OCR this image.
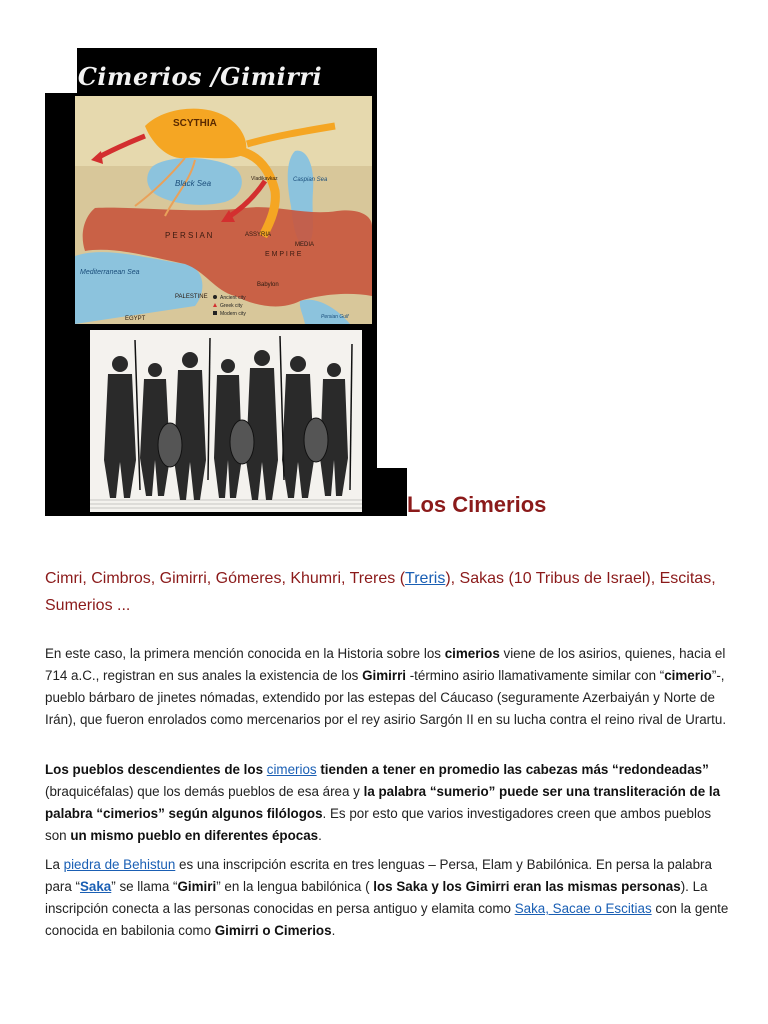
Cimerios /Gimirri
SCYTHIA
Black Sea	Caspian Sea
P E R S I A N
E M P I R E
Mediterranean Sea
MEDIA
ASSYRIA
Babylon
PALESTINE
EGYPT	Persian Gulf
Vladikavkaz
Ancient city
Greek city
Modern city
Los Cimerios
Cimri, Cimbros, Gimirri, Gómeres, Khumri, Treres (Treris), Sakas (10 Tribus de Israel), Escitas, Sumerios ...
En este caso, la primera mención conocida en la Historia sobre los cimerios viene de los asirios, quienes, hacia el 714 a.C., registran en sus anales la existencia de los Gimirri -término asirio llamativamente similar con “cimerio”-, pueblo bárbaro de jinetes nómadas, extendido por las estepas del Cáucaso (seguramente Azerbaiyán y Norte de Irán), que fueron enrolados como mercenarios por el rey asirio Sargón II en su lucha contra el reino rival de Urartu.
Los pueblos descendientes de los cimerios tienden a tener en promedio las cabezas más “redondeadas” (braquicéfalas) que los demás pueblos de esa área y la palabra “sumerio” puede ser una transliteración de la palabra “cimerios” según algunos filólogos. Es por esto que varios investigadores creen que ambos pueblos son un mismo pueblo en diferentes épocas.
La piedra de Behistun es una inscripción escrita en tres lenguas – Persa, Elam y Babilónica. En persa la palabra para “Saka” se llama “Gimiri” en la lengua babilónica ( los Saka y los Gimirri eran las mismas personas). La inscripción conecta a las personas conocidas en persa antiguo y elamita como Saka, Sacae o Escitias con la gente conocida en babilonia como Gimirri o Cimerios.
